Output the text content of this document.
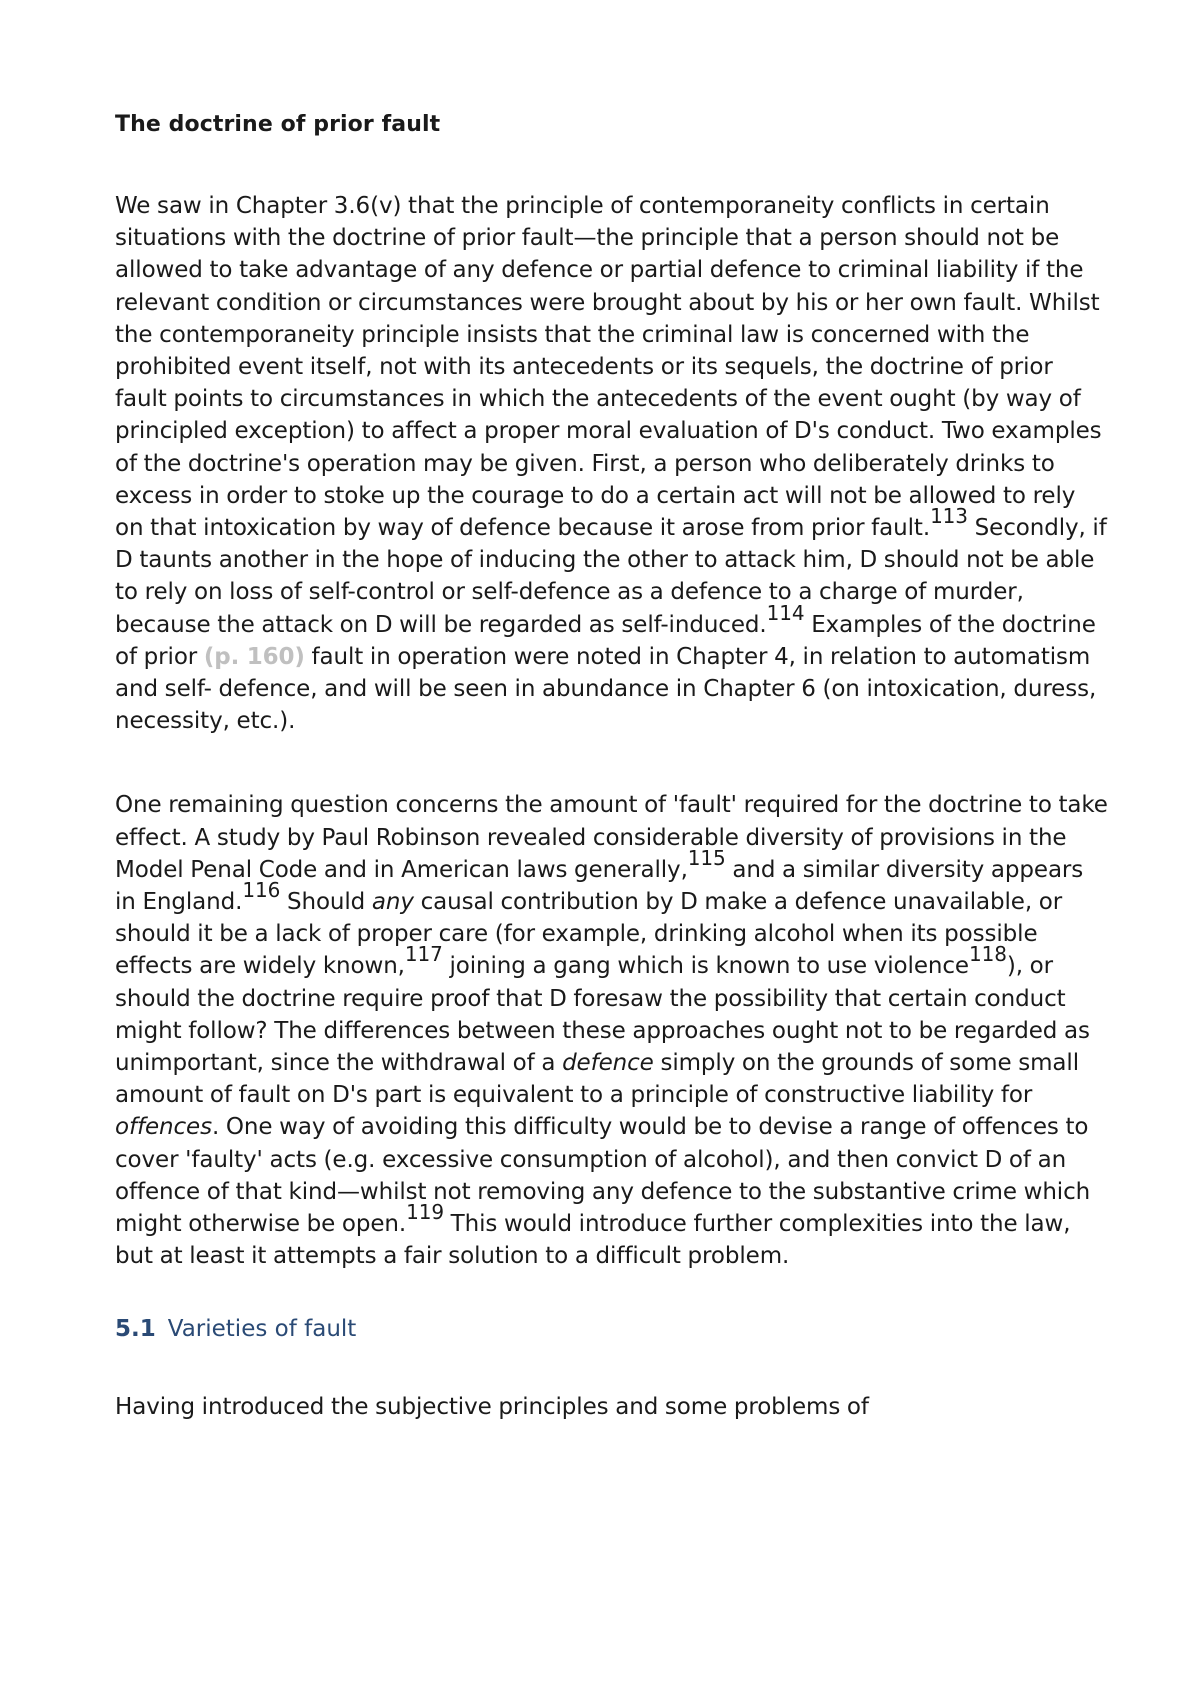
The doctrine of prior fault

We saw in Chapter 3.6(v) that the principle of contemporaneity conflicts in certain situations with the doctrine of prior fault—the principle that a person should not be allowed to take advantage of any defence or partial defence to criminal liability if the relevant condition or circumstances were brought about by his or her own fault. Whilst the contemporaneity principle insists that the criminal law is concerned with the prohibited event itself, not with its antecedents or its sequels, the doctrine of prior fault points to circumstances in which the antecedents of the event ought (by way of principled exception) to affect a proper moral evaluation of D's conduct. Two examples of the doctrine's operation may be given. First, a person who deliberately drinks to excess in order to stoke up the courage to do a certain act will not be allowed to rely on that intoxication by way of defence because it arose from prior fault.$^{113}$ Secondly, if D taunts another in the hope of inducing the other to attack him, D should not be able to rely on loss of self-control or self-defence as a defence to a charge of murder, because the attack on D will be regarded as self-induced.$^{114}$ Examples of the doctrine of prior (p. 160) fault in operation were noted in Chapter 4, in relation to automatism and self- defence, and will be seen in abundance in Chapter 6 (on intoxication, duress, necessity, etc.).

One remaining question concerns the amount of 'fault' required for the doctrine to take effect. A study by Paul Robinson revealed considerable diversity of provisions in the Model Penal Code and in American laws generally,$^{115}$ and a similar diversity appears in England.$^{116}$ Should any causal contribution by D make a defence unavailable, or should it be a lack of proper care (for example, drinking alcohol when its possible effects are widely known,$^{117}$ joining a gang which is known to use violence$^{118}$), or should the doctrine require proof that D foresaw the possibility that certain conduct might follow? The differences between these approaches ought not to be regarded as unimportant, since the withdrawal of a defence simply on the grounds of some small amount of fault on D's part is equivalent to a principle of constructive liability for offences. One way of avoiding this difficulty would be to devise a range of offences to cover 'faulty' acts (e.g. excessive consumption of alcohol), and then convict D of an offence of that kind—whilst not removing any defence to the substantive crime which might otherwise be open.$^{119}$ This would introduce further complexities into the law, but at least it attempts a fair solution to a difficult problem.

5.1 Varieties of fault

Having introduced the subjective principles and some problems of
